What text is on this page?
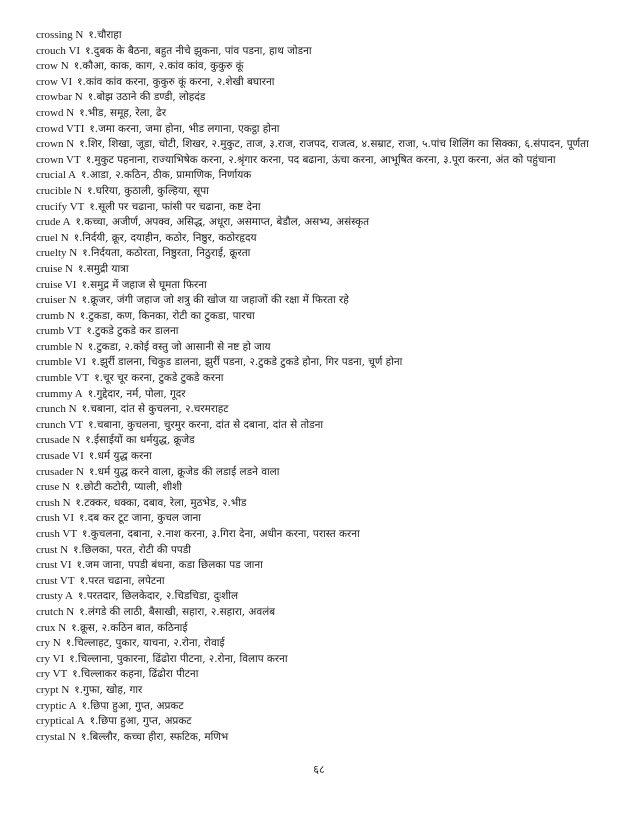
crossing N १.चौराहा

crouch VI १.दुबक के बैठना, बहुत नीचे झुकना, पांव पडना, हाथ जोडना

crow N १.कौआ, काक, काग, २.कांव कांव, कुकुरु कूं

crow VI १.कांव कांव करना, कुकुरु कूं करना, २.शेखी बघारना

crowbar N १.बोझ उठाने की डण्डी, लोहदंड

crowd N १.भीड, समूह, रेला, ढेर

crowd VTI १.जमा करना, जमा होना, भीड लगाना, एकट्ठा होना

crown N १.शिर, शिखा, जूडा, चोटी, शिखर, २.मुकुट, ताज, ३.राज, राजपद, राजत्व, ४.सम्राट, राजा, ५.पांच शिलिंग का सिक्का, ६.संपादन, पूर्णता

crown VT १.मुकुट पहनाना, राज्याभिषेक करना, २.श्रृंगार करना, पद बढाना, ऊंचा करना, आभूषित करना, ३.पूरा करना, अंत को पहुंचाना

crucial A १.आडा, २.कठिन, ठीक, प्रामाणिक, निर्णायक

crucible N १.घरिया, कुठाली, कुल्हिया, सूपा

crucify VT १.सूली पर चढाना, फांसी पर चढाना, कष्ट देना

crude A १.कच्चा, अजीर्ण, अपक्व, असिद्ध, अधूरा, असमाप्त, बेडौल, असभ्य, असंस्कृत

cruel N १.निर्दयी, क्रूर, दयाहीन, कठोर, निष्ठुर, कठोरहृदय

cruelty N १.निर्दयता, कठोरता, निष्ठुरता, निठुराई, क्रूरता

cruise N १.समुद्री यात्रा

cruise VI १.समुद्र में जहाज से घूमता फिरना

cruiser N १.क्रूजर, जंगी जहाज जो शत्रु की खोज या जहाजों की रक्षा में फिरता रहे

crumb N १.टुकडा, कण, किनका, रोटी का टुकडा, पारचा

crumb VT १.टुकडे टुकडे कर डालना

crumble N १.टुकडा, २.कोई वस्तु जो आसानी से नष्ट हो जाय

crumble VI १.झुर्री डालना, चिकुड डालना, झुर्री पडना, २.टुकडे टुकडे होना, गिर पडना, चूर्ण होना

crumble VT १.चूर चूर करना, टुकडे टुकडे करना

crummy A १.गुद्देदार, नर्म, पोला, गूदर

crunch N १.चबाना, दांत से कुचलना, २.चरमराहट

crunch VT १.चबाना, कुचलना, चुरमुर करना, दांत से दबाना, दांत से तोडना

crusade N १.ईसाईयों का धर्मयुद्ध, क्रूजेड

crusade VI १.धर्म युद्ध करना

crusader N १.धर्म युद्ध करने वाला, क्रूजेड की लडाई लडने वाला

cruse N १.छोटी कटोरी, प्याली, शीशी

crush N १.टक्कर, धक्का, दबाव, रेला, मुठभेड, २.भीड

crush VI १.दब कर टूट जाना, कुचल जाना

crush VT १.कुचलना, दबाना, २.नाश करना, ३.गिरा देना, अधीन करना, परास्त करना

crust N १.छिलका, परत, रोटी की पपडी

crust VI १.जम जाना, पपडी बंधना, कडा छिलका पड जाना

crust VT १.परत चढाना, लपेटना

crusty A १.परतदार, छिलकेदार, २.चिडचिडा, दुःशील

crutch N १.लंगडे की लाठी, बैसाखी, सहारा, २.सहारा, अवलंब

crux N १.क्रूस, २.कठिन बात, कठिनाई

cry N १.चिल्लाहट, पुकार, याचना, २.रोना, रोवाई

cry VI १.चिल्लाना, पुकारना, ढिंढोरा पीटना, २.रोना, विलाप करना

cry VT १.चिल्लाकर कहना, ढिंढोरा पीटना

crypt N १.गुफा, खोह, गार

cryptic A १.छिपा हुआ, गुप्त, अप्रकट

cryptical A १.छिपा हुआ, गुप्त, अप्रकट

crystal N १.बिल्लौर, कच्चा हीरा, स्फटिक, मणिभ

६८
